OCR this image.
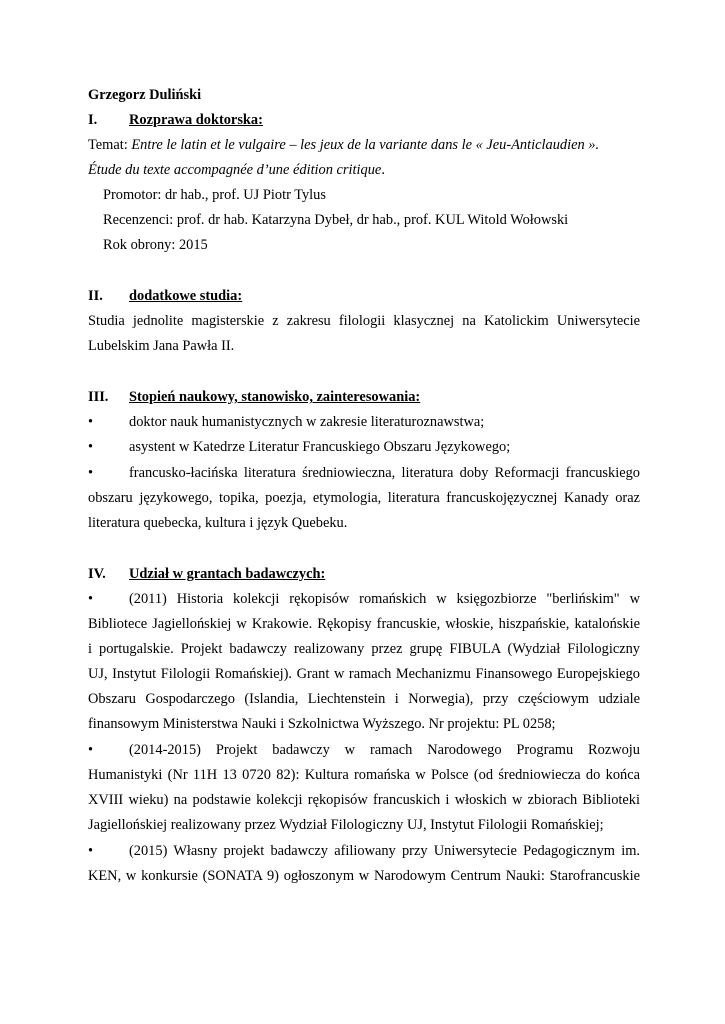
Grzegorz Duliński
I. Rozprawa doktorska:
Temat: Entre le latin et le vulgaire – les jeux de la variante dans le « Jeu-Anticlaudien ».
Étude du texte accompagnée d’une édition critique.
Promotor: dr hab., prof. UJ Piotr Tylus
Recenzenci: prof. dr hab. Katarzyna Dybeł, dr hab., prof. KUL Witold Wołowski
Rok obrony: 2015
II. dodatkowe studia:
Studia jednolite magisterskie z zakresu filologii klasycznej na Katolickim Uniwersytecie
Lubelskim Jana Pawła II.
III. Stopień naukowy, stanowisko, zainteresowania:
• doktor nauk humanistycznych w zakresie literaturoznawstwa;
• asystent w Katedrze Literatur Francuskiego Obszaru Językowego;
• francusko-łacińska literatura średniowieczna, literatura doby Reformacji francuskiego
obszaru językowego, topika, poezja, etymologia, literatura francuskojęzycznej Kanady oraz
literatura quebecka, kultura i język Quebeku.
IV. Udział w grantach badawczych:
• (2011) Historia kolekcji rękopisów romańskich w księgozbiorze "berlińskim" w
Bibliotece Jagiellońskiej w Krakowie. Rękopisy francuskie, włoskie, hiszpańskie, katalońskie
i portugalskie. Projekt badawczy realizowany przez grupę FIBULA (Wydział Filologiczny
UJ, Instytut Filologii Romańskiej). Grant w ramach Mechanizmu Finansowego Europejskiego
Obszaru Gospodarczego (Islandia, Liechtenstein i Norwegia), przy częściowym udziale
finansowym Ministerstwa Nauki i Szkolnictwa Wyższego. Nr projektu: PL 0258;
• (2014-2015) Projekt badawczy w ramach Narodowego Programu Rozwoju
Humanistyki (Nr 11H 13 0720 82): Kultura romańska w Polsce (od średniowiecza do końca
XVIII wieku) na podstawie kolekcji rękopisów francuskich i włoskich w zbiorach Biblioteki
Jagiellońskiej realizowany przez Wydział Filologiczny UJ, Instytut Filologii Romańskiej;
• (2015) Własny projekt badawczy afiliowany przy Uniwersytecie Pedagogicznym im.
KEN, w konkursie (SONATA 9) ogłoszonym w Narodowym Centrum Nauki: Starofrancuskie
